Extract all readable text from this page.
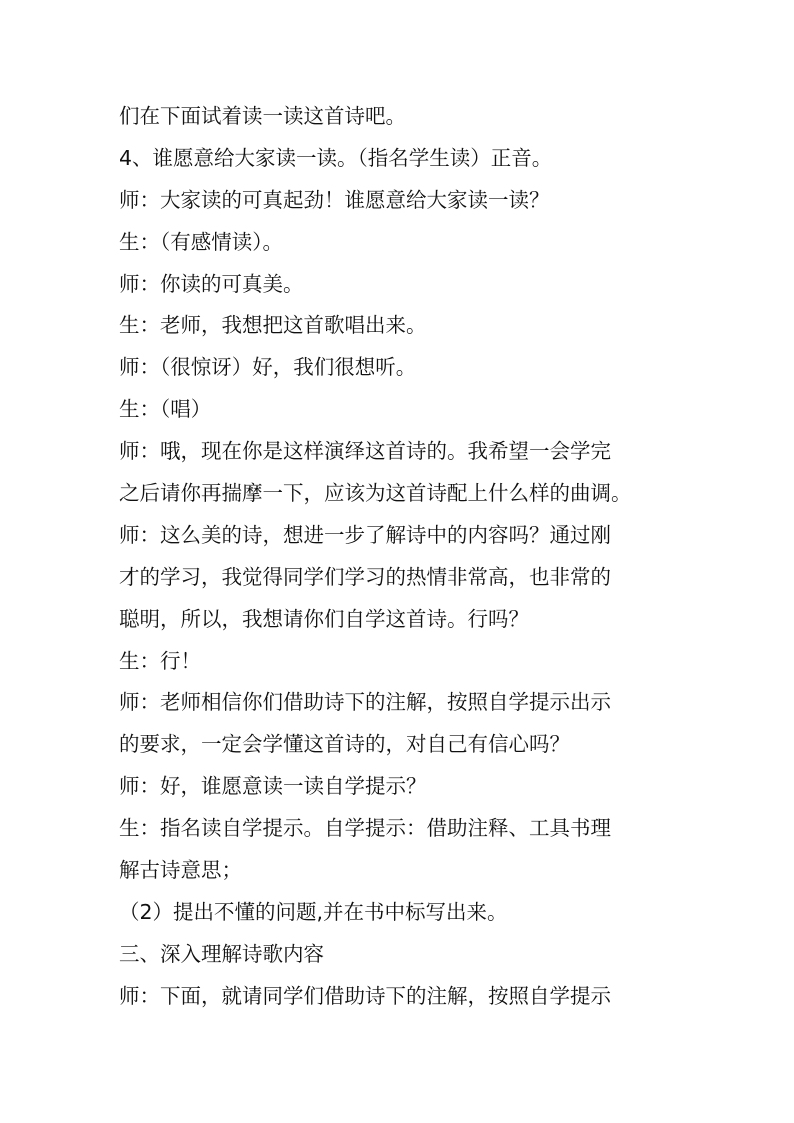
们在下面试着读一读这首诗吧。
4、谁愿意给大家读一读。（指名学生读）正音。
师：大家读的可真起劲！谁愿意给大家读一读？
生：（有感情读）。
师：你读的可真美。
生：老师，我想把这首歌唱出来。
师：（很惊讶）好，我们很想听。
生：（唱）
师：哦，现在你是这样演绎这首诗的。我希望一会学完
之后请你再揣摩一下，应该为这首诗配上什么样的曲调。
师：这么美的诗，想进一步了解诗中的内容吗？通过刚
才的学习，我觉得同学们学习的热情非常高，也非常的
聪明，所以，我想请你们自学这首诗。行吗？
生：行！
师：老师相信你们借助诗下的注解，按照自学提示出示
的要求，一定会学懂这首诗的，对自己有信心吗？
师：好，谁愿意读一读自学提示？
生：指名读自学提示。自学提示：借助注释、工具书理
解古诗意思；
（2）提出不懂的问题,并在书中标写出来。
三、深入理解诗歌内容
师：下面，就请同学们借助诗下的注解，按照自学提示
